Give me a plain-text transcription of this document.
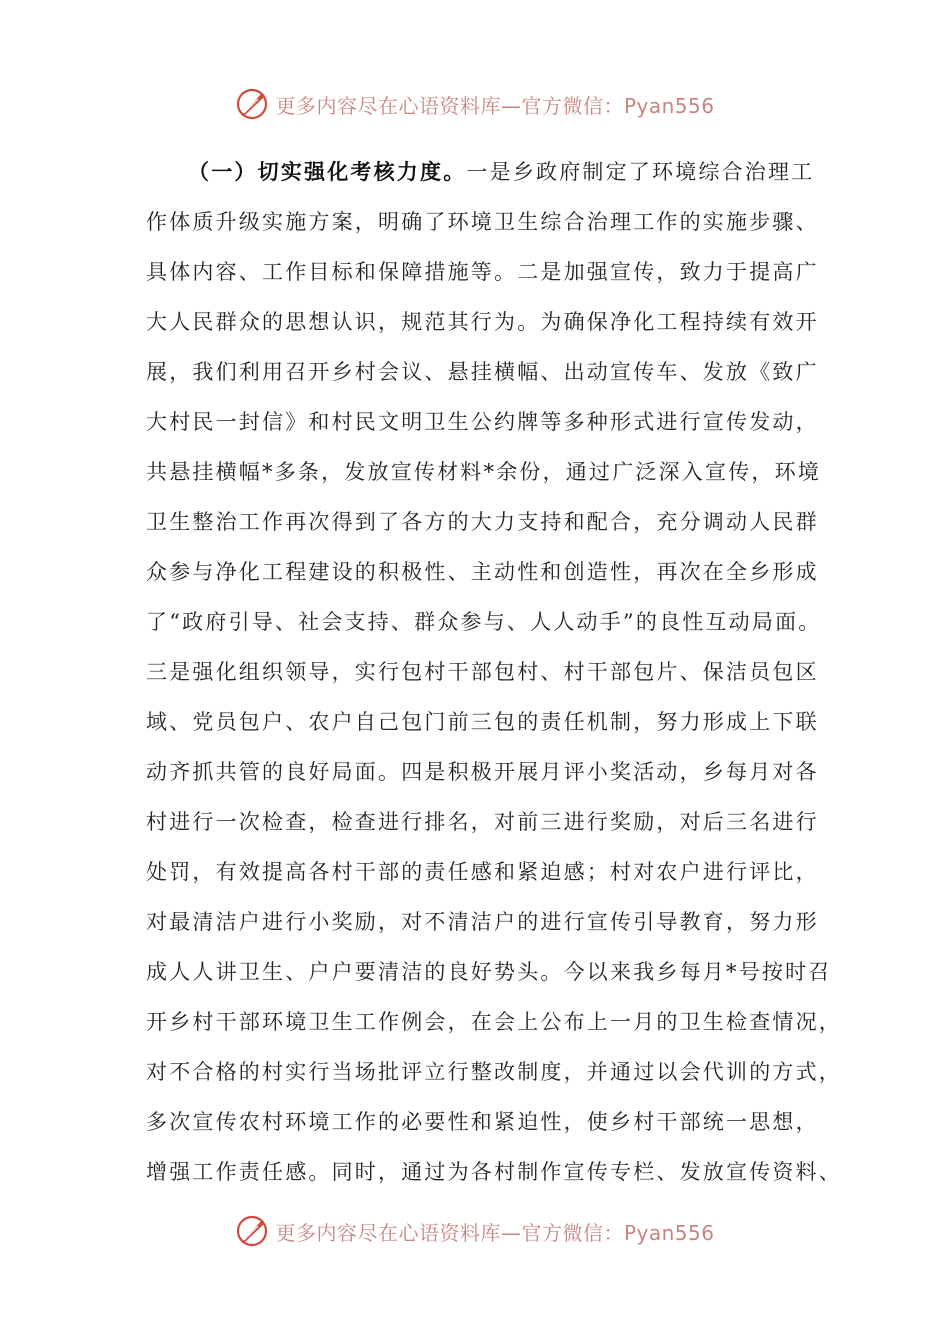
更多内容尽在心语资料库—官方微信：Pyan556
（一）切实强化考核力度。一是乡政府制定了环境综合治理工
作体质升级实施方案，明确了环境卫生综合治理工作的实施步骤、
具体内容、工作目标和保障措施等。二是加强宣传，致力于提高广
大人民群众的思想认识，规范其行为。为确保净化工程持续有效开
展，我们利用召开乡村会议、悬挂横幅、出动宣传车、发放《致广
大村民一封信》和村民文明卫生公约牌等多种形式进行宣传发动，
共悬挂横幅*多条，发放宣传材料*余份，通过广泛深入宣传，环境
卫生整治工作再次得到了各方的大力支持和配合，充分调动人民群
众参与净化工程建设的积极性、主动性和创造性，再次在全乡形成
了“政府引导、社会支持、群众参与、人人动手”的良性互动局面。
三是强化组织领导，实行包村干部包村、村干部包片、保洁员包区
域、党员包户、农户自己包门前三包的责任机制，努力形成上下联
动齐抓共管的良好局面。四是积极开展月评小奖活动，乡每月对各
村进行一次检查，检查进行排名，对前三进行奖励，对后三名进行
处罚，有效提高各村干部的责任感和紧迫感；村对农户进行评比，
对最清洁户进行小奖励，对不清洁户的进行宣传引导教育，努力形
成人人讲卫生、户户要清洁的良好势头。今以来我乡每月*号按时召
开乡村干部环境卫生工作例会，在会上公布上一月的卫生检查情况，
对不合格的村实行当场批评立行整改制度，并通过以会代训的方式，
多次宣传农村环境工作的必要性和紧迫性，使乡村干部统一思想，
增强工作责任感。同时，通过为各村制作宣传专栏、发放宣传资料、
更多内容尽在心语资料库—官方微信：Pyan556
